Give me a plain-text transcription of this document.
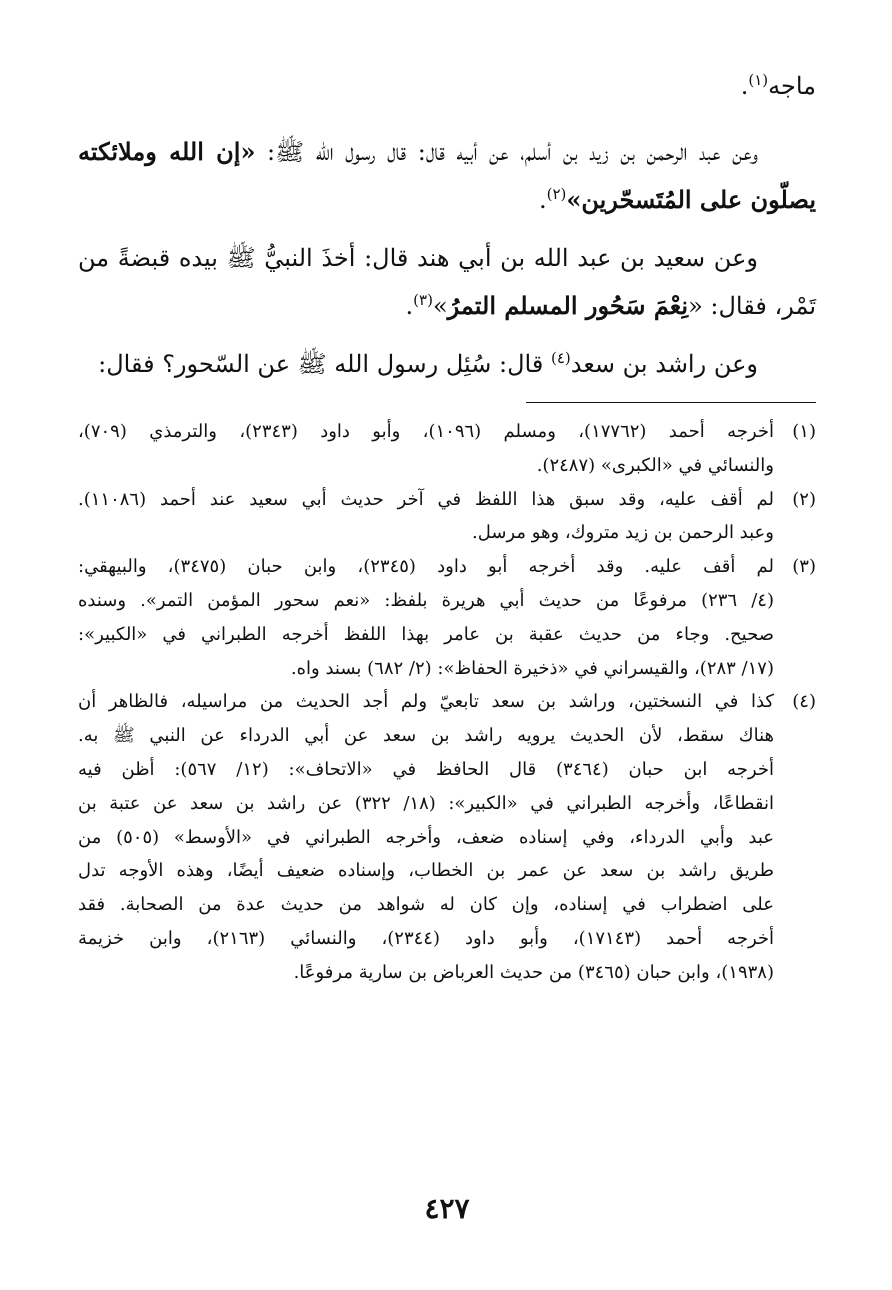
ماجه$^{(١)}$.

وعن عبد الرحمن بن زيد بن أسلم، عن أبيه قال: قال رسول الله ﷺ: «إن الله وملائكته يصلّون على المُتَسحّرين»$^{(٢)}$.

وعن سعيد بن عبد الله بن أبي هند قال: أخذَ النبيُّ ﷺ بيده قبضةً من تَمْر، فقال: «نِعْمَ سَحُور المسلم التمرُ»$^{(٣)}$.

وعن راشد بن سعد$^{(٤)}$ قال: سُئِل رسول الله ﷺ عن السّحور؟ فقال:

(١)
أخرجه أحمد (١٧٧٦٢)، ومسلم (١٠٩٦)، وأبو داود (٢٣٤٣)، والترمذي (٧٠٩)،
والنسائي في «الكبرى» (٢٤٨٧).
(٢)
لم أقف عليه، وقد سبق هذا اللفظ في آخر حديث أبي سعيد عند أحمد (١١٠٨٦).
وعبد الرحمن بن زيد متروك، وهو مرسل.
(٣)
لم أقف عليه. وقد أخرجه أبو داود (٢٣٤٥)، وابن حبان (٣٤٧٥)، والبيهقي:
(٤/ ٢٣٦) مرفوعًا من حديث أبي هريرة بلفظ: «نعم سحور المؤمن التمر». وسنده
صحيح. وجاء من حديث عقبة بن عامر بهذا اللفظ أخرجه الطبراني في «الكبير»:
(١٧/ ٢٨٣)، والقيسراني في «ذخيرة الحفاظ»: (٢/ ٦٨٢) بسند واه.
(٤)
كذا في النسختين، وراشد بن سعد تابعيّ ولم أجد الحديث من مراسيله، فالظاهر أن
هناك سقط، لأن الحديث يرويه راشد بن سعد عن أبي الدرداء عن النبي ﷺ به.
أخرجه ابن حبان (٣٤٦٤) قال الحافظ في «الاتحاف»: (١٢/ ٥٦٧): أظن فيه
انقطاعًا، وأخرجه الطبراني في «الكبير»: (١٨/ ٣٢٢) عن راشد بن سعد عن عتبة بن
عبد وأبي الدرداء، وفي إسناده ضعف، وأخرجه الطبراني في «الأوسط» (٥٠٥) من
طريق راشد بن سعد عن عمر بن الخطاب، وإسناده ضعيف أيضًا، وهذه الأوجه تدل
على اضطراب في إسناده، وإن كان له شواهد من حديث عدة من الصحابة. فقد
أخرجه أحمد (١٧١٤٣)، وأبو داود (٢٣٤٤)، والنسائي (٢١٦٣)، وابن خزيمة
(١٩٣٨)، وابن حبان (٣٤٦٥) من حديث العرباض بن سارية مرفوعًا.
٤٢٧
